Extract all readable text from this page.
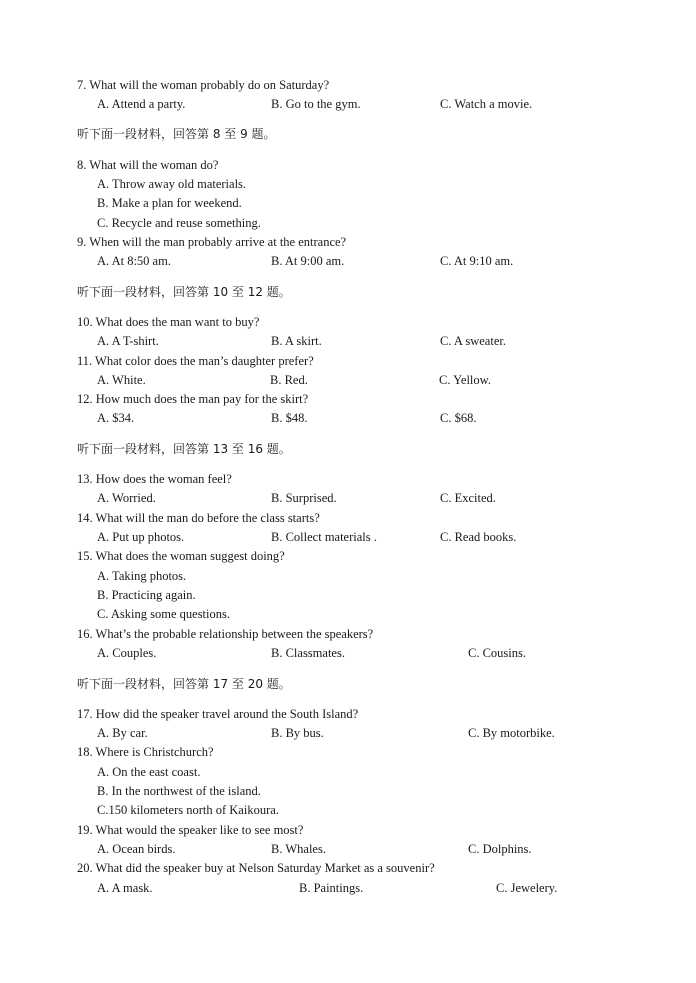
7. What will the woman probably do on Saturday?
A. Attend a party.	B. Go to the gym.	C. Watch a movie.
听下面一段材料，回答第 8 至 9 题。
8. What will the woman do?
A. Throw away old materials.
B. Make a plan for weekend.
C. Recycle and reuse something.
9. When will the man probably arrive at the entrance?
A. At 8:50 am.	B. At 9:00 am.	C. At 9:10 am.
听下面一段材料，回答第 10 至 12 题。
10. What does the man want to buy?
A. A T-shirt.	B. A skirt.	C. A sweater.
11. What color does the man’s daughter prefer?
A. White.	B. Red.	C. Yellow.
12. How much does the man pay for the skirt?
A. $34.	B. $48.	C. $68.
听下面一段材料，回答第 13 至 16 题。
13. How does the woman feel?
A. Worried.	B. Surprised.	C. Excited.
14. What will the man do before the class starts?
A. Put up photos.	B. Collect materials .	C. Read books.
15. What does the woman suggest doing?
A. Taking photos.
B. Practicing again.
C. Asking some questions.
16. What’s the probable relationship between the speakers?
A. Couples.	B. Classmates.	C. Cousins.
听下面一段材料，回答第 17 至 20 题。
17. How did the speaker travel around the South Island?
A. By car.	B. By bus.	C. By motorbike.
18. Where is Christchurch?
A. On the east coast.
B. In the northwest of the island.
C.150 kilometers north of Kaikoura.
19. What would the speaker like to see most?
A. Ocean birds.	B. Whales.	C. Dolphins.
20. What did the speaker buy at Nelson Saturday Market as a souvenir?
A. A mask.	B. Paintings.	C. Jewelery.
